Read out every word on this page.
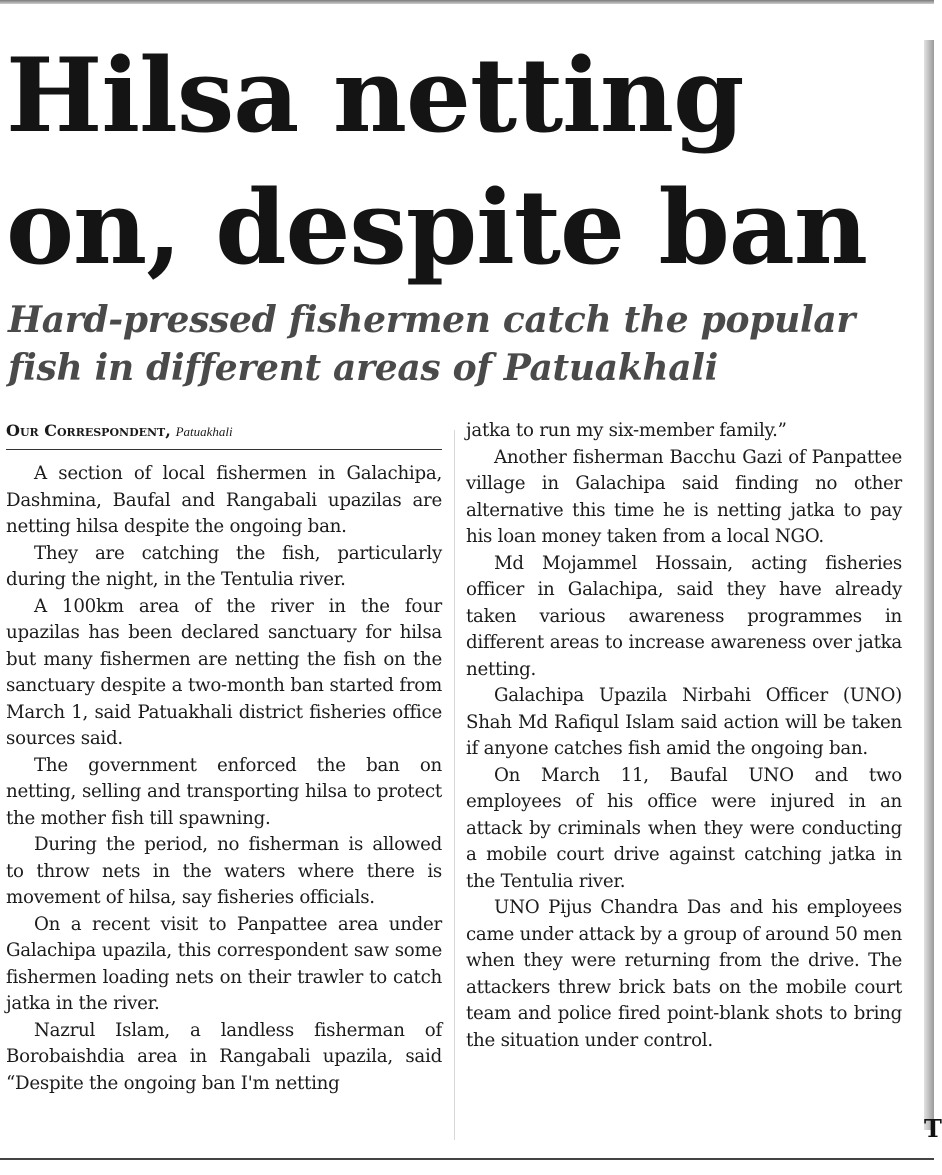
T
Hilsa netting on, despite ban
Hard-pressed fishermen catch the popular fish in different areas of Patuakhali
Our Correspondent, Patuakhali

A section of local fishermen in Galachipa, Dashmina, Baufal and Rangabali upazilas are netting hilsa despite the ongoing ban.

They are catching the fish, particularly during the night, in the Tentulia river.

A 100km area of the river in the four upazilas has been declared sanctuary for hilsa but many fishermen are netting the fish on the sanctuary despite a two-month ban started from March 1, said Patuakhali district fisheries office sources said.

The government enforced the ban on netting, selling and transporting hilsa to protect the mother fish till spawning.

During the period, no fisherman is allowed to throw nets in the waters where there is movement of hilsa, say fisheries officials.

On a recent visit to Panpattee area under Galachipa upazila, this correspondent saw some fishermen loading nets on their trawler to catch jatka in the river.

Nazrul Islam, a landless fisherman of Borobaishdia area in Rangabali upazila, said “Despite the ongoing ban I'm netting

jatka to run my six-member family.”

Another fisherman Bacchu Gazi of Panpattee village in Galachipa said finding no other alternative this time he is netting jatka to pay his loan money taken from a local NGO.

Md Mojammel Hossain, acting fisheries officer in Galachipa, said they have already taken various awareness programmes in different areas to increase awareness over jatka netting.

Galachipa Upazila Nirbahi Officer (UNO) Shah Md Rafiqul Islam said action will be taken if anyone catches fish amid the ongoing ban.

On March 11, Baufal UNO and two employees of his office were injured in an attack by criminals when they were conducting a mobile court drive against catching jatka in the Tentulia river.

UNO Pijus Chandra Das and his employees came under attack by a group of around 50 men when they were returning from the drive. The attackers threw brick bats on the mobile court team and police fired point-blank shots to bring the situation under control.
